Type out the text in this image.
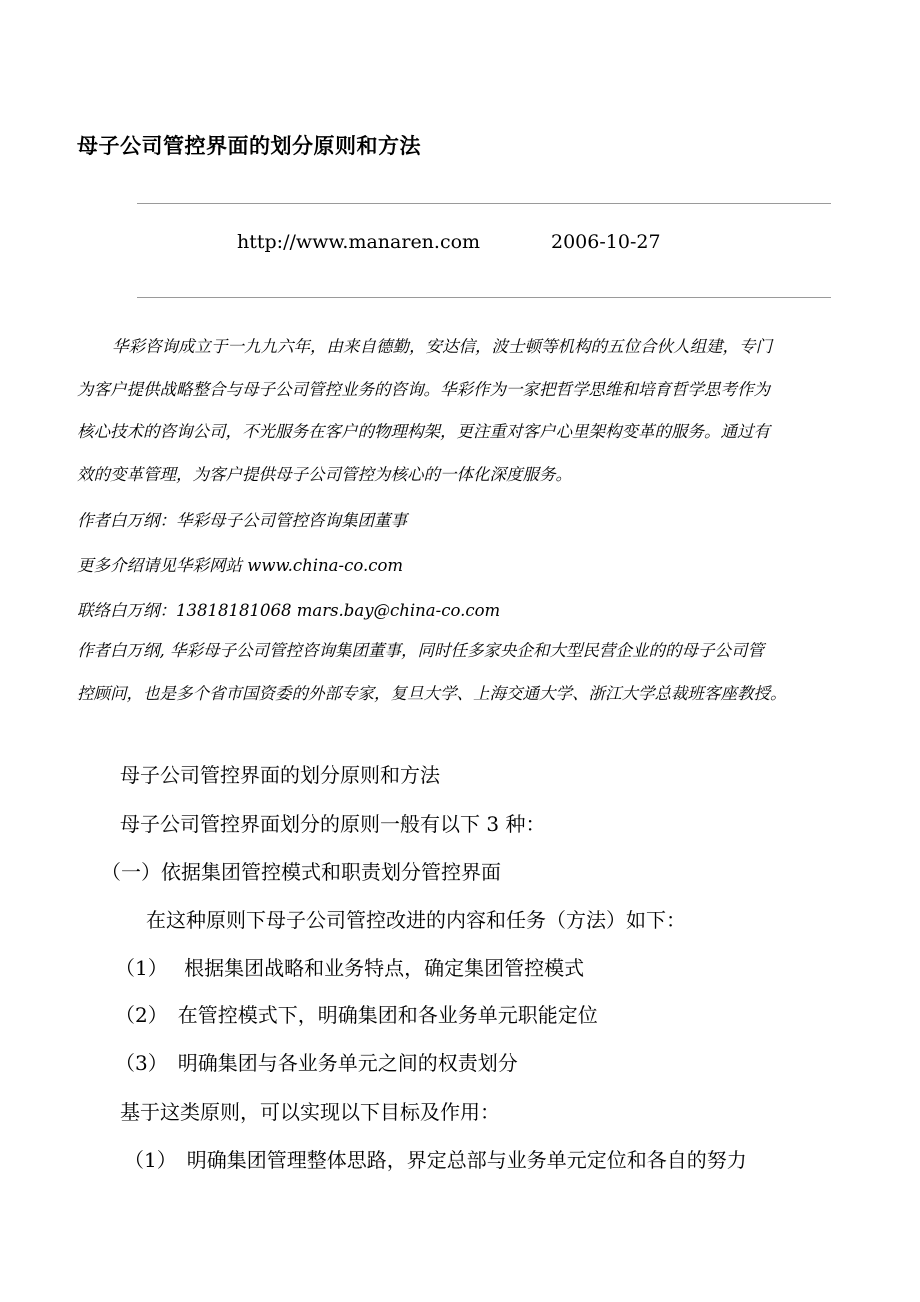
母子公司管控界面的划分原则和方法
http://www.manaren.com	2006-10-27
华彩咨询成立于一九九六年，由来自德勤，安达信，波士顿等机构的五位合伙人组建，专门
为客户提供战略整合与母子公司管控业务的咨询。华彩作为一家把哲学思维和培育哲学思考作为
核心技术的咨询公司，不光服务在客户的物理构架，更注重对客户心里架构变革的服务。通过有
效的变革管理，为客户提供母子公司管控为核心的一体化深度服务。
作者白万纲：华彩母子公司管控咨询集团董事
更多介绍请见华彩网站 www.china-co.com
联络白万纲：13818181068 mars.bay@china-co.com
作者白万纲, 华彩母子公司管控咨询集团董事，同时任多家央企和大型民营企业的的母子公司管
控顾问，也是多个省市国资委的外部专家，复旦大学、上海交通大学、浙江大学总裁班客座教授。
母子公司管控界面的划分原则和方法
母子公司管控界面划分的原则一般有以下 3 种：
（一）依据集团管控模式和职责划分管控界面
在这种原则下母子公司管控改进的内容和任务（方法）如下：
（1）　 根据集团战略和业务特点，确定集团管控模式
（2）　在管控模式下，明确集团和各业务单元职能定位
（3）　明确集团与各业务单元之间的权责划分
基于这类原则，可以实现以下目标及作用：
（1）　明确集团管理整体思路，界定总部与业务单元定位和各自的努力
